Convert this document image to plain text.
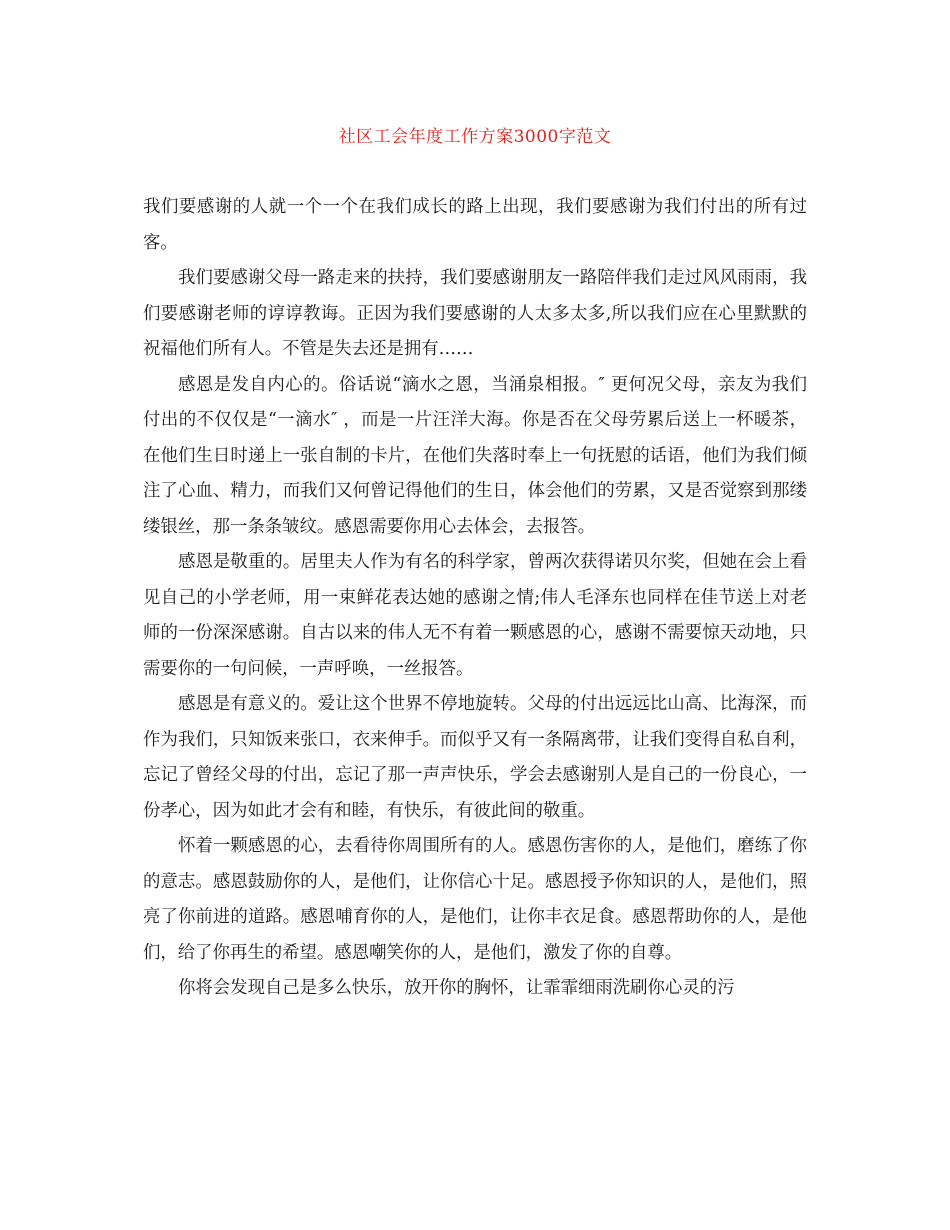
社区工会年度工作方案3000字范文

我们要感谢的人就一个一个在我们成长的路上出现，我们要感谢为我们付出的所有过客。

我们要感谢父母一路走来的扶持，我们要感谢朋友一路陪伴我们走过风风雨雨，我们要感谢老师的谆谆教诲。正因为我们要感谢的人太多太多,所以我们应在心里默默的祝福他们所有人。不管是失去还是拥有……

感恩是发自内心的。俗话说“滴水之恩，当涌泉相报。″ 更何况父母，亲友为我们付出的不仅仅是“一滴水″ ，而是一片汪洋大海。你是否在父母劳累后送上一杯暖茶，在他们生日时递上一张自制的卡片，在他们失落时奉上一句抚慰的话语，他们为我们倾注了心血、精力，而我们又何曾记得他们的生日，体会他们的劳累，又是否觉察到那缕缕银丝，那一条条皱纹。感恩需要你用心去体会，去报答。

感恩是敬重的。居里夫人作为有名的科学家，曾两次获得诺贝尔奖，但她在会上看见自己的小学老师，用一束鲜花表达她的感谢之情;伟人毛泽东也同样在佳节送上对老师的一份深深感谢。自古以来的伟人无不有着一颗感恩的心，感谢不需要惊天动地，只需要你的一句问候，一声呼唤，一丝报答。

感恩是有意义的。爱让这个世界不停地旋转。父母的付出远远比山高、比海深，而作为我们，只知饭来张口，衣来伸手。而似乎又有一条隔离带，让我们变得自私自利，忘记了曾经父母的付出，忘记了那一声声快乐，学会去感谢别人是自己的一份良心，一份孝心，因为如此才会有和睦，有快乐，有彼此间的敬重。

怀着一颗感恩的心，去看待你周围所有的人。感恩伤害你的人，是他们，磨练了你的意志。感恩鼓励你的人，是他们，让你信心十足。感恩授予你知识的人，是他们，照亮了你前进的道路。感恩哺育你的人，是他们，让你丰衣足食。感恩帮助你的人，是他们，给了你再生的希望。感恩嘲笑你的人，是他们，激发了你的自尊。

你将会发现自己是多么快乐，放开你的胸怀，让霏霏细雨洗刷你心灵的污
